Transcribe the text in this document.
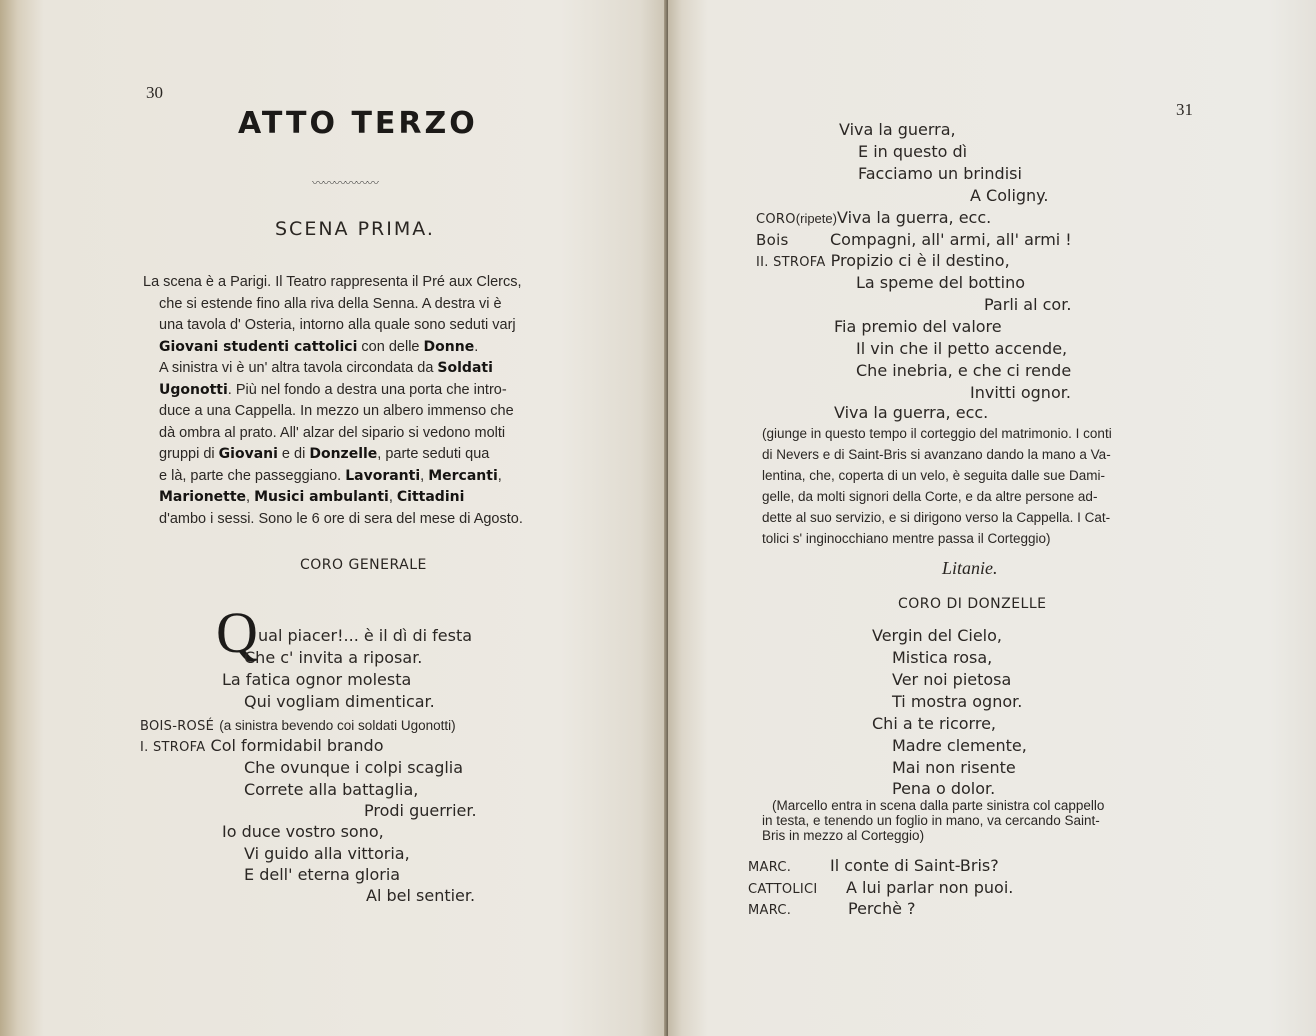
30
ATTO TERZO
〰〰〰〰〰〰
SCENA PRIMA.
La scena è a Parigi. Il Teatro rappresenta il Pré aux Clercs,
che si estende fino alla riva della Senna. A destra vi è
una tavola d' Osteria, intorno alla quale sono seduti varj
Giovani studenti cattolici con delle Donne.
A sinistra vi è un' altra tavola circondata da Soldati
Ugonotti. Più nel fondo a destra una porta che intro-
duce a una Cappella. In mezzo un albero immenso che
dà ombra al prato. All' alzar del sipario si vedono molti
gruppi di Giovani e di Donzelle, parte seduti qua
e là, parte che passeggiano. Lavoranti, Mercanti,
Marionette, Musici ambulanti, Cittadini
d'ambo i sessi. Sono le 6 ore di sera del mese di Agosto.
CORO GENERALE
Q ual piacer!... è il dì di festa
Che c' invita a riposar.
La fatica ognor molesta
Qui vogliam dimenticar.
BOIS-ROSÉ (a sinistra bevendo coi soldati Ugonotti)
I. STROFA Col formidabil brando
Che ovunque i colpi scaglia
Correte alla battaglia,
Prodi guerrier.
Io duce vostro sono,
Vi guido alla vittoria,
E dell' eterna gloria
Al bel sentier.
31
Viva la guerra,
E in questo dì
Facciamo un brindisi
A Coligny.
CORO(ripete)Viva la guerra, ecc.
Bois	Compagni, all' armi, all' armi !
II. STROFA Propizio ci è il destino,
La speme del bottino
Parli al cor.
Fia premio del valore
Il vin che il petto accende,
Che inebria, e che ci rende
Invitti ognor.
Viva la guerra, ecc.
(giunge in questo tempo il corteggio del matrimonio. I conti
di Nevers e di Saint-Bris si avanzano dando la mano a Va-
lentina, che, coperta di un velo, è seguita dalle sue Dami-
gelle, da molti signori della Corte, e da altre persone ad-
dette al suo servizio, e si dirigono verso la Cappella. I Cat-
tolici s' inginocchiano mentre passa il Corteggio)
Litanie.
CORO DI DONZELLE
Vergin del Cielo,
Mistica rosa,
Ver noi pietosa
Ti mostra ognor.
Chi a te ricorre,
Madre clemente,
Mai non risente
Pena o dolor.
(Marcello entra in scena dalla parte sinistra col cappello
in testa, e tenendo un foglio in mano, va cercando Saint-
Bris in mezzo al Corteggio)
MARC. Il conte di Saint-Bris?
CATTOLICI A lui parlar non puoi.
MARC.	Perchè ?
